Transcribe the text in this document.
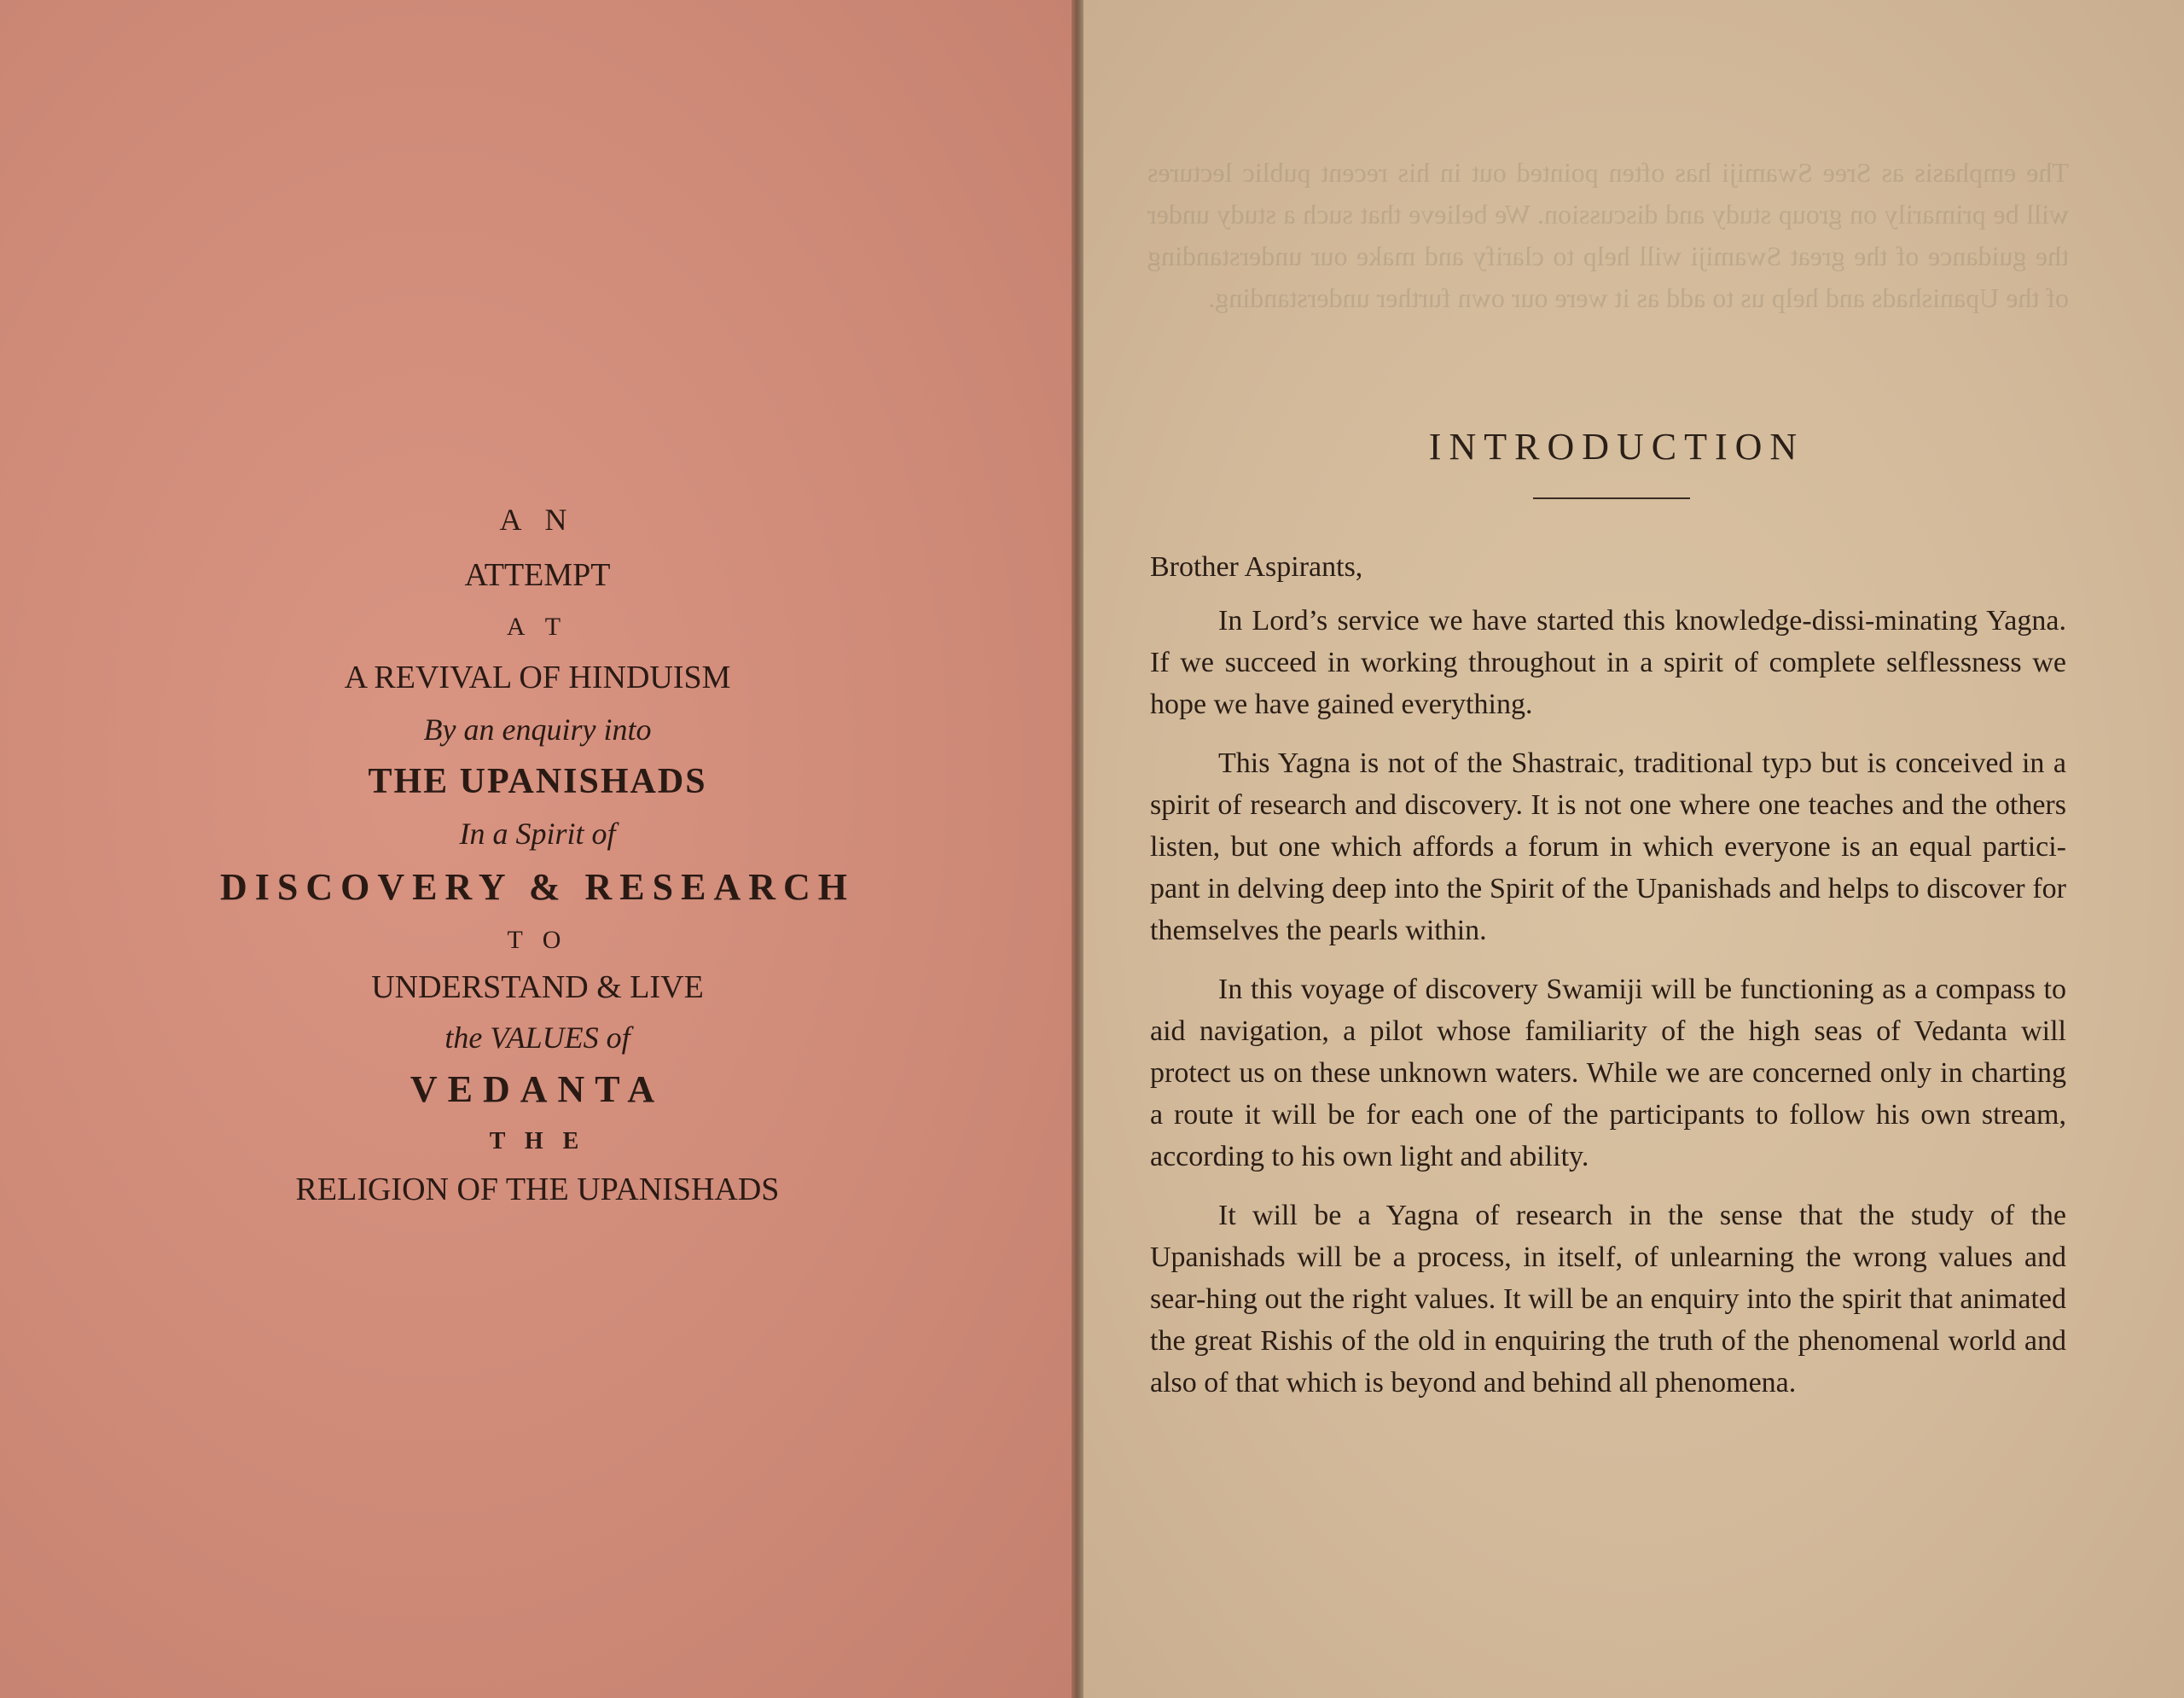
A N
ATTEMPT
A T
A REVIVAL OF HINDUISM
By an enquiry into
THE UPANISHADS
In a Spirit of
DISCOVERY & RESEARCH
T O
UNDERSTAND & LIVE
the VALUES of
VEDANTA
T H E
RELIGION OF THE UPANISHADS
The emphasis as Sree Swamiji has often pointed out in his recent public lectures will be primarily on group study and discussion. We believe that such a study under the guidance of the great Swamiji will help to clarify and make our understanding of the Upanishads and help us to add as it were our own further understanding.
INTRODUCTION

Brother Aspirants,

In Lord’s service we have started this knowledge-dissi-minating Yagna. If we succeed in working throughout in a spirit of complete selflessness we hope we have gained everything.

This Yagna is not of the Shastraic, traditional typɔ but is conceived in a spirit of research and discovery. It is not one where one teaches and the others listen, but one which affords a forum in which everyone is an equal partici-pant in delving deep into the Spirit of the Upanishads and helps to discover for themselves the pearls within.

In this voyage of discovery Swamiji will be functioning as a compass to aid navigation, a pilot whose familiarity of the high seas of Vedanta will protect us on these unknown waters. While we are concerned only in charting a route it will be for each one of the participants to follow his own stream, according to his own light and ability.

It will be a Yagna of research in the sense that the study of the Upanishads will be a process, in itself, of unlearning the wrong values and sear-hing out the right values. It will be an enquiry into the spirit that animated the great Rishis of the old in enquiring the truth of the phenomenal world and also of that which is beyond and behind all phenomena.
